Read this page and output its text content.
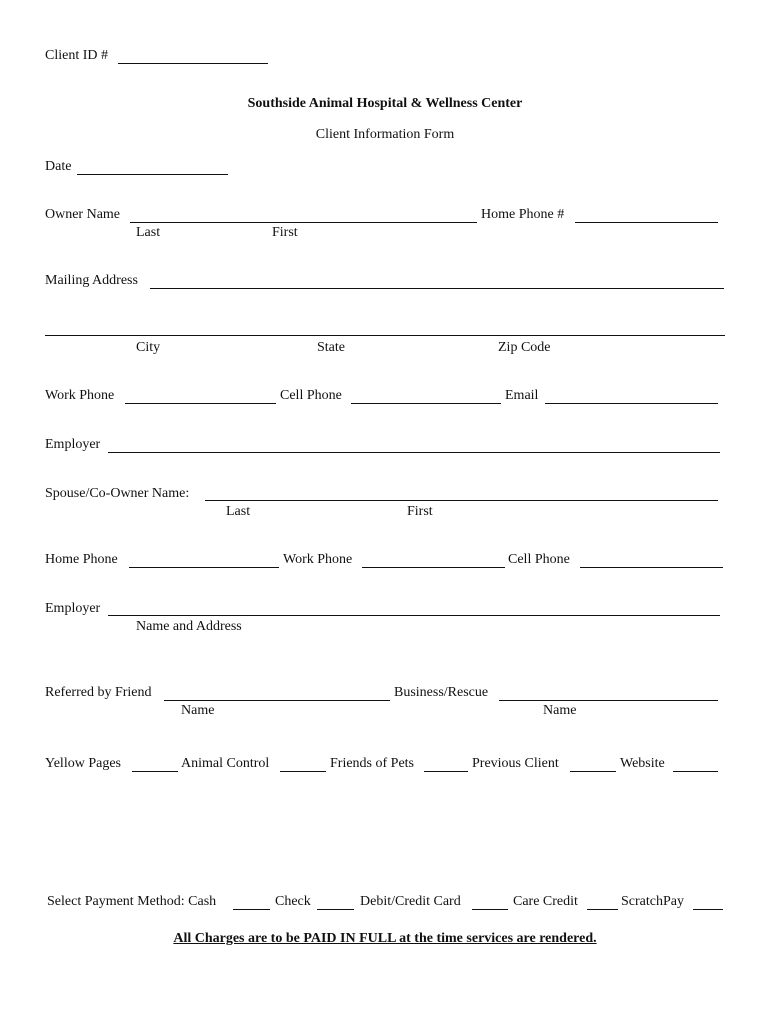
Client ID #
Southside Animal Hospital & Wellness Center
Client Information Form
Date
Owner Name	Home Phone #
Last	First
Mailing Address
City	State	Zip Code
Work Phone	Cell Phone	Email
Employer
Spouse/Co-Owner Name:
Last	First
Home Phone	Work Phone	Cell Phone
Employer
Name and Address
Referred by Friend	Business/Rescue
Name	Name
Yellow Pages	Animal Control	Friends of Pets	Previous Client	Website
Select Payment Method: Cash	Check	Debit/Credit Card	Care Credit	ScratchPay
All Charges are to be PAID IN FULL at the time services are rendered.
